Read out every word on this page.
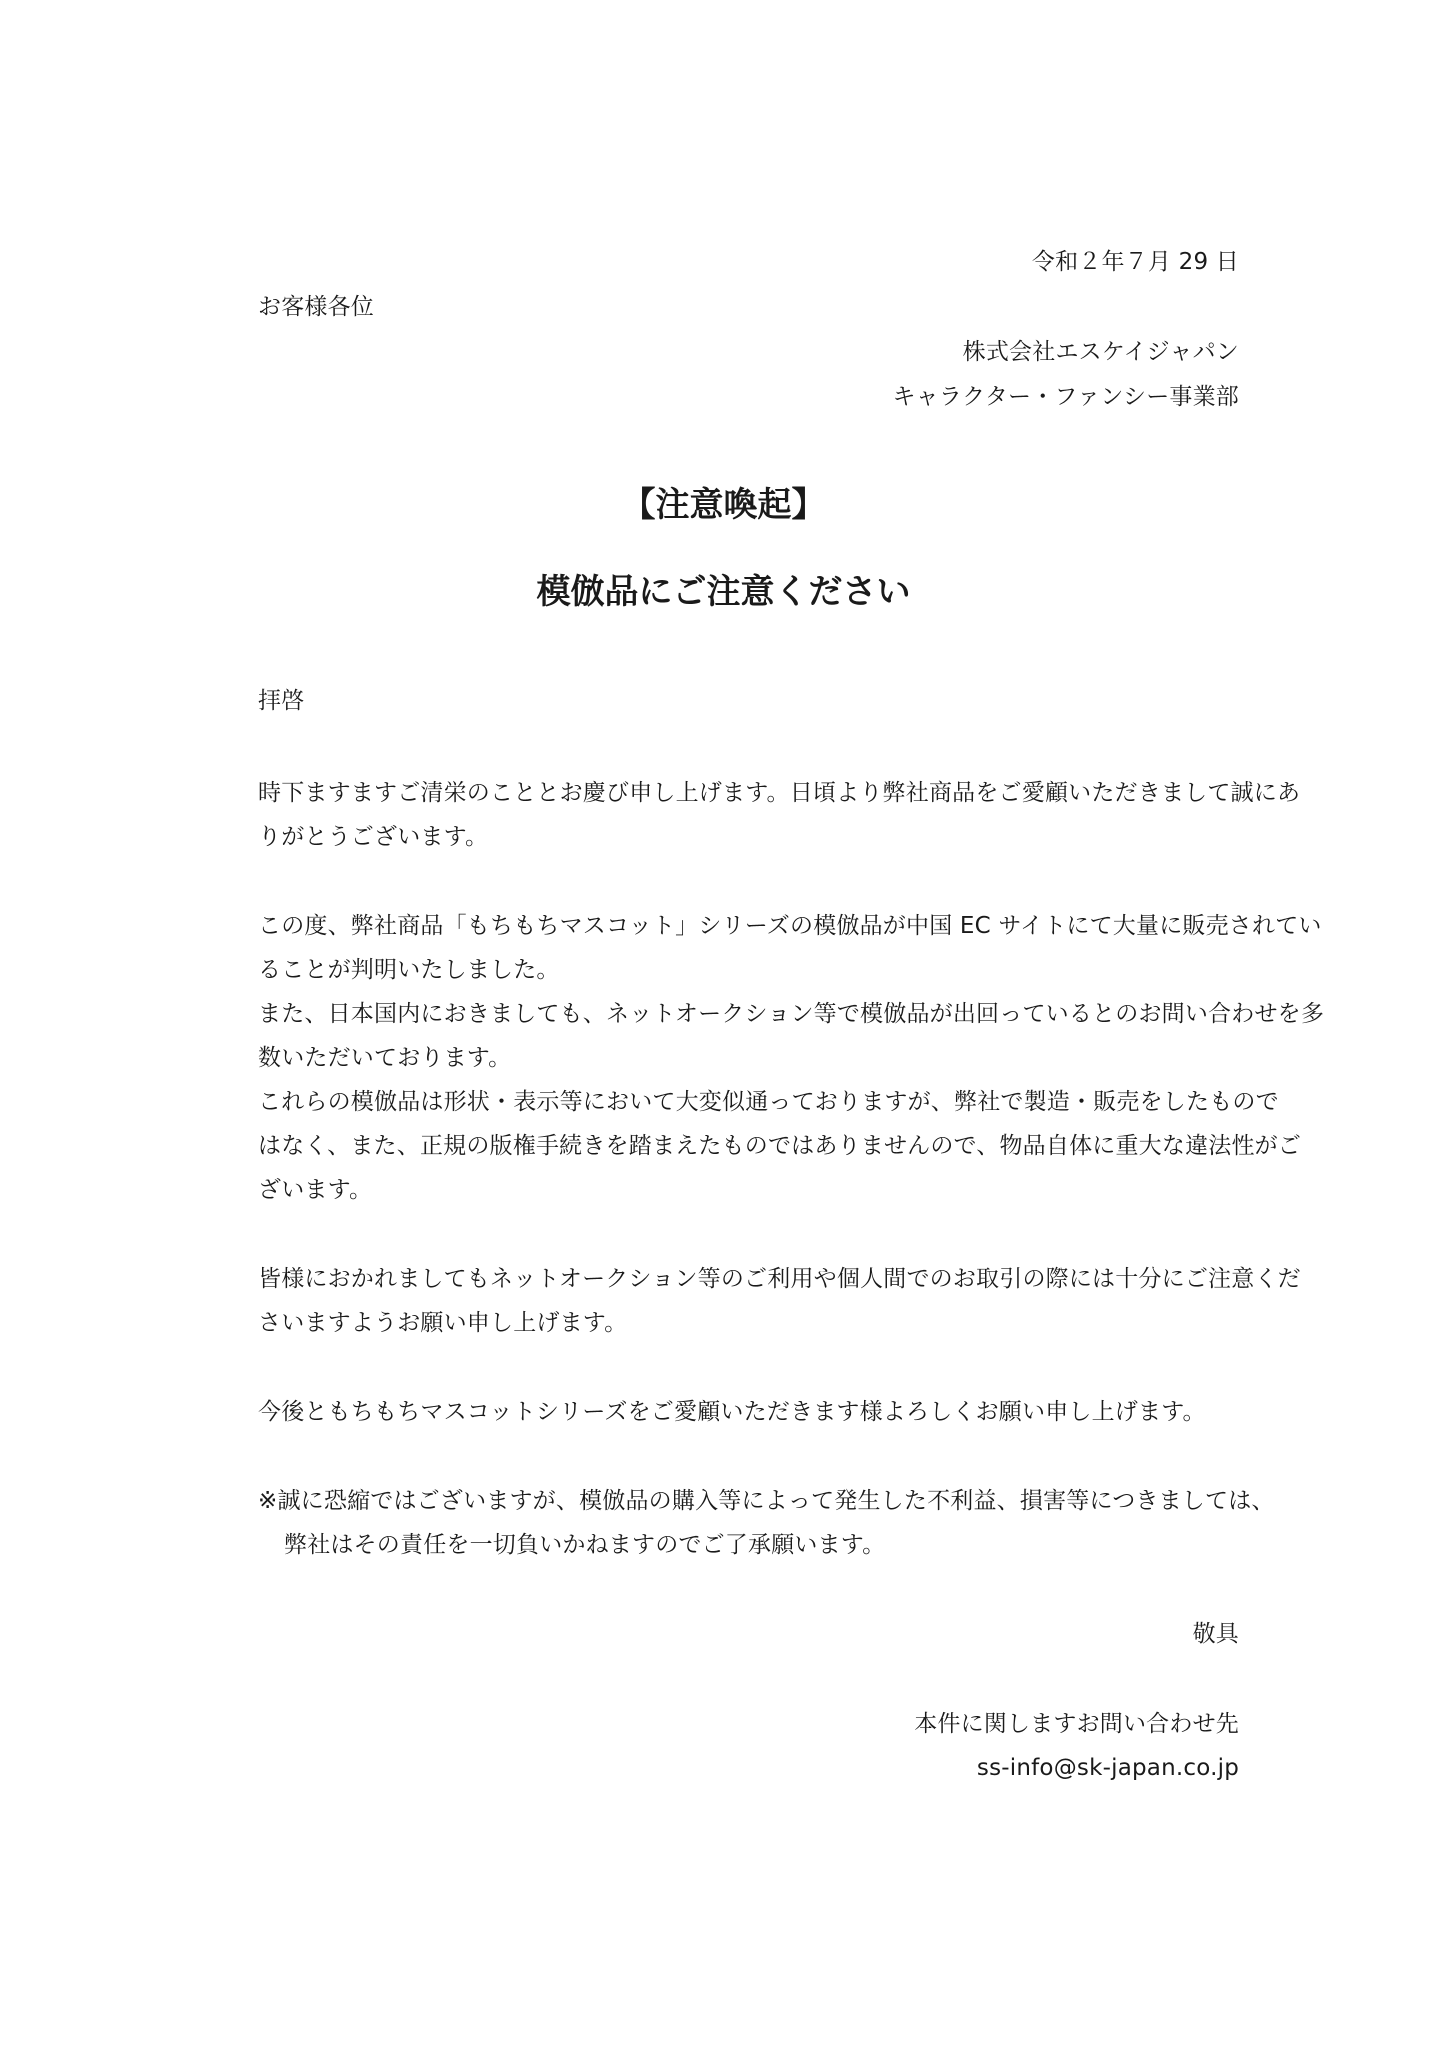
令和２年７月 29 日
お客様各位
株式会社エスケイジャパン
キャラクター・ファンシー事業部
【注意喚起】
模倣品にご注意ください
拝啓
時下ますますご清栄のこととお慶び申し上げます。日頃より弊社商品をご愛顧いただきまして誠にあ
りがとうございます。
この度、弊社商品「もちもちマスコット」シリーズの模倣品が中国 EC サイトにて大量に販売されてい
ることが判明いたしました。
また、日本国内におきましても、ネットオークション等で模倣品が出回っているとのお問い合わせを多
数いただいております。
これらの模倣品は形状・表示等において大変似通っておりますが、弊社で製造・販売をしたもので
はなく、また、正規の版権手続きを踏まえたものではありませんので、物品自体に重大な違法性がご
ざいます。
皆様におかれましてもネットオークション等のご利用や個人間でのお取引の際には十分にご注意くだ
さいますようお願い申し上げます。
今後ともちもちマスコットシリーズをご愛顧いただきます様よろしくお願い申し上げます。
※誠に恐縮ではございますが、模倣品の購入等によって発生した不利益、損害等につきましては、
弊社はその責任を一切負いかねますのでご了承願います。
敬具
本件に関しますお問い合わせ先
ss-info@sk-japan.co.jp
